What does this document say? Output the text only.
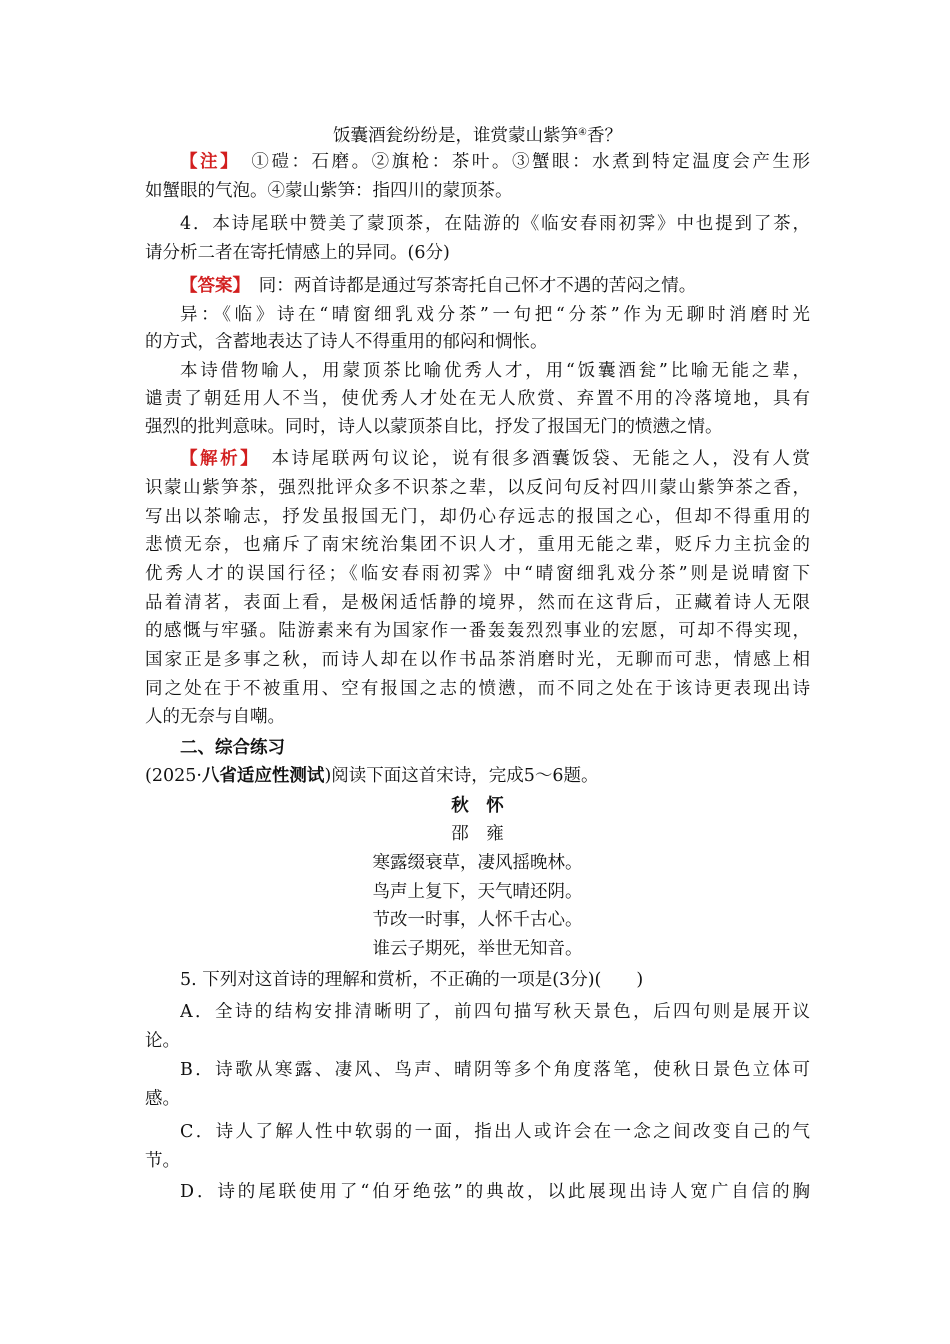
饭囊酒瓮纷纷是，谁赏蒙山紫笋④香？
【注】　 ①磑：石磨。②旗枪：茶叶。③蟹眼：水煮到特定温度会产生形
如蟹眼的气泡。④蒙山紫笋：指四川的蒙顶茶。
4．本诗尾联中赞美了蒙顶茶，在陆游的《临安春雨初霁》中也提到了茶，
请分析二者在寄托情感上的异同。(6分)
【答案】　 同：两首诗都是通过写茶寄托自己怀才不遇的苦闷之情。
异：《临》诗在“晴窗细乳戏分茶”一句把“分茶”作为无聊时消磨时光
的方式，含蓄地表达了诗人不得重用的郁闷和惆怅。
本诗借物喻人，用蒙顶茶比喻优秀人才，用“饭囊酒瓮”比喻无能之辈，
谴责了朝廷用人不当，使优秀人才处在无人欣赏、弃置不用的冷落境地，具有
强烈的批判意味。同时，诗人以蒙顶茶自比，抒发了报国无门的愤懑之情。
【解析】　 本诗尾联两句议论，说有很多酒囊饭袋、无能之人，没有人赏
识蒙山紫笋茶，强烈批评众多不识茶之辈，以反问句反衬四川蒙山紫笋茶之香，
写出以茶喻志，抒发虽报国无门，却仍心存远志的报国之心，但却不得重用的
悲愤无奈，也痛斥了南宋统治集团不识人才，重用无能之辈，贬斥力主抗金的
优秀人才的误国行径；《临安春雨初霁》中“晴窗细乳戏分茶”则是说晴窗下
品着清茗，表面上看，是极闲适恬静的境界，然而在这背后，正藏着诗人无限
的感慨与牢骚。陆游素来有为国家作一番轰轰烈烈事业的宏愿，可却不得实现，
国家正是多事之秋，而诗人却在以作书品茶消磨时光，无聊而可悲，情感上相
同之处在于不被重用、空有报国之志的愤懑，而不同之处在于该诗更表现出诗
人的无奈与自嘲。
二、综合练习
(2025·八省适应性测试)阅读下面这首宋诗，完成5～6题。
秋　怀
邵　雍
寒露缀衰草，凄风摇晚林。
鸟声上复下，天气晴还阴。
节改一时事，人怀千古心。
谁云子期死，举世无知音。
5. 下列对这首诗的理解和赏析，不正确的一项是(3分)(　　)
A．全诗的结构安排清晰明了，前四句描写秋天景色，后四句则是展开议
论。
B．诗歌从寒露、凄风、鸟声、晴阴等多个角度落笔，使秋日景色立体可
感。
C．诗人了解人性中软弱的一面，指出人或许会在一念之间改变自己的气
节。
D．诗的尾联使用了“伯牙绝弦”的典故，以此展现出诗人宽广自信的胸
